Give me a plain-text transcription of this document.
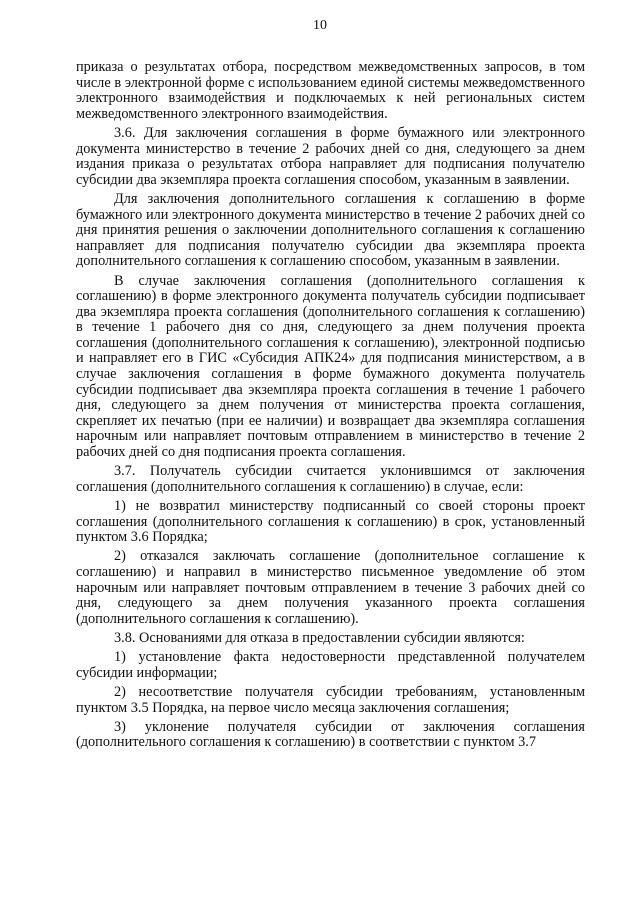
10

приказа о результатах отбора, посредством межведомственных запросов, в том числе в электронной форме с использованием единой системы межведомственного электронного взаимодействия и подключаемых к ней региональных систем межведомственного электронного взаимодействия.

3.6. Для заключения соглашения в форме бумажного или электронного документа министерство в течение 2 рабочих дней со дня, следующего за днем издания приказа о результатах отбора направляет для подписания получателю субсидии два экземпляра проекта соглашения способом, указанным в заявлении.

Для заключения дополнительного соглашения к соглашению в форме бумажного или электронного документа министерство в течение 2 рабочих дней со дня принятия решения о заключении дополнительного соглашения к соглашению направляет для подписания получателю субсидии два экземпляра проекта дополнительного соглашения к соглашению способом, указанным в заявлении.

В случае заключения соглашения (дополнительного соглашения к соглашению) в форме электронного документа получатель субсидии подписывает два экземпляра проекта соглашения (дополнительного соглашения к соглашению) в течение 1 рабочего дня со дня, следующего за днем получения проекта соглашения (дополнительного соглашения к соглашению), электронной подписью и направляет его в ГИС «Субсидия АПК24» для подписания министерством, а в случае заключения соглашения в форме бумажного документа получатель субсидии подписывает два экземпляра проекта соглашения в течение 1 рабочего дня, следующего за днем получения от министерства проекта соглашения, скрепляет их печатью (при ее наличии) и возвращает два экземпляра соглашения нарочным или направляет почтовым отправлением в министерство в течение 2 рабочих дней со дня подписания проекта соглашения.

3.7. Получатель субсидии считается уклонившимся от заключения соглашения (дополнительного соглашения к соглашению) в случае, если:

1) не возвратил министерству подписанный со своей стороны проект соглашения (дополнительного соглашения к соглашению) в срок, установленный пунктом 3.6 Порядка;

2) отказался заключать соглашение (дополнительное соглашение к соглашению) и направил в министерство письменное уведомление об этом нарочным или направляет почтовым отправлением в течение 3 рабочих дней со дня, следующего за днем получения указанного проекта соглашения (дополнительного соглашения к соглашению).

3.8. Основаниями для отказа в предоставлении субсидии являются:

1) установление факта недостоверности представленной получателем субсидии информации;

2) несоответствие получателя субсидии требованиям, установленным пунктом 3.5 Порядка, на первое число месяца заключения соглашения;

3) уклонение получателя субсидии от заключения соглашения (дополнительного соглашения к соглашению) в соответствии с пунктом 3.7
